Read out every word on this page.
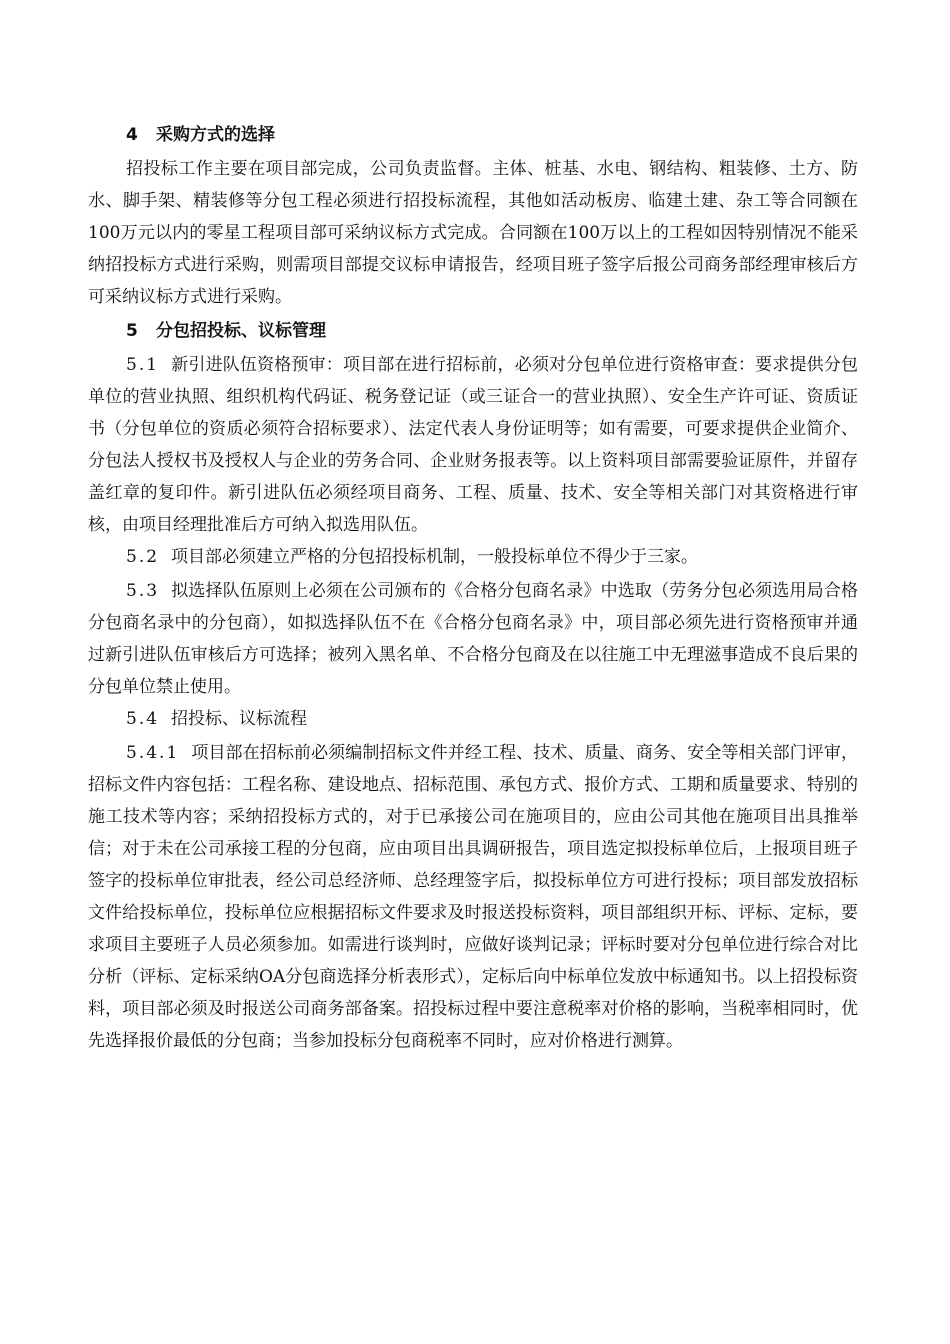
4 采购方式的选择

招投标工作主要在项目部完成，公司负责监督。主体、桩基、水电、钢结构、粗装修、土方、防水、脚手架、精装修等分包工程必须进行招投标流程，其他如活动板房、临建土建、杂工等合同额在100万元以内的零星工程项目部可采纳议标方式完成。合同额在100万以上的工程如因特别情况不能采纳招投标方式进行采购，则需项目部提交议标申请报告，经项目班子签字后报公司商务部经理审核后方可采纳议标方式进行采购。

5 分包招投标、议标管理

5.1 新引进队伍资格预审：项目部在进行招标前，必须对分包单位进行资格审查：要求提供分包单位的营业执照、组织机构代码证、税务登记证（或三证合一的营业执照）、安全生产许可证、资质证书（分包单位的资质必须符合招标要求）、法定代表人身份证明等；如有需要，可要求提供企业简介、分包法人授权书及授权人与企业的劳务合同、企业财务报表等。以上资料项目部需要验证原件，并留存盖红章的复印件。新引进队伍必须经项目商务、工程、质量、技术、安全等相关部门对其资格进行审核，由项目经理批准后方可纳入拟选用队伍。

5.2 项目部必须建立严格的分包招投标机制，一般投标单位不得少于三家。

5.3 拟选择队伍原则上必须在公司颁布的《合格分包商名录》中选取（劳务分包必须选用局合格分包商名录中的分包商），如拟选择队伍不在《合格分包商名录》中，项目部必须先进行资格预审并通过新引进队伍审核后方可选择；被列入黑名单、不合格分包商及在以往施工中无理滋事造成不良后果的分包单位禁止使用。

5.4 招投标、议标流程

5.4.1 项目部在招标前必须编制招标文件并经工程、技术、质量、商务、安全等相关部门评审，招标文件内容包括：工程名称、建设地点、招标范围、承包方式、报价方式、工期和质量要求、特别的施工技术等内容；采纳招投标方式的，对于已承接公司在施项目的，应由公司其他在施项目出具推举信；对于未在公司承接工程的分包商，应由项目出具调研报告，项目选定拟投标单位后，上报项目班子签字的投标单位审批表，经公司总经济师、总经理签字后，拟投标单位方可进行投标；项目部发放招标文件给投标单位，投标单位应根据招标文件要求及时报送投标资料，项目部组织开标、评标、定标，要求项目主要班子人员必须参加。如需进行谈判时，应做好谈判记录；评标时要对分包单位进行综合对比分析（评标、定标采纳OA分包商选择分析表形式），定标后向中标单位发放中标通知书。以上招投标资料，项目部必须及时报送公司商务部备案。招投标过程中要注意税率对价格的影响，当税率相同时，优先选择报价最低的分包商；当参加投标分包商税率不同时，应对价格进行测算。
